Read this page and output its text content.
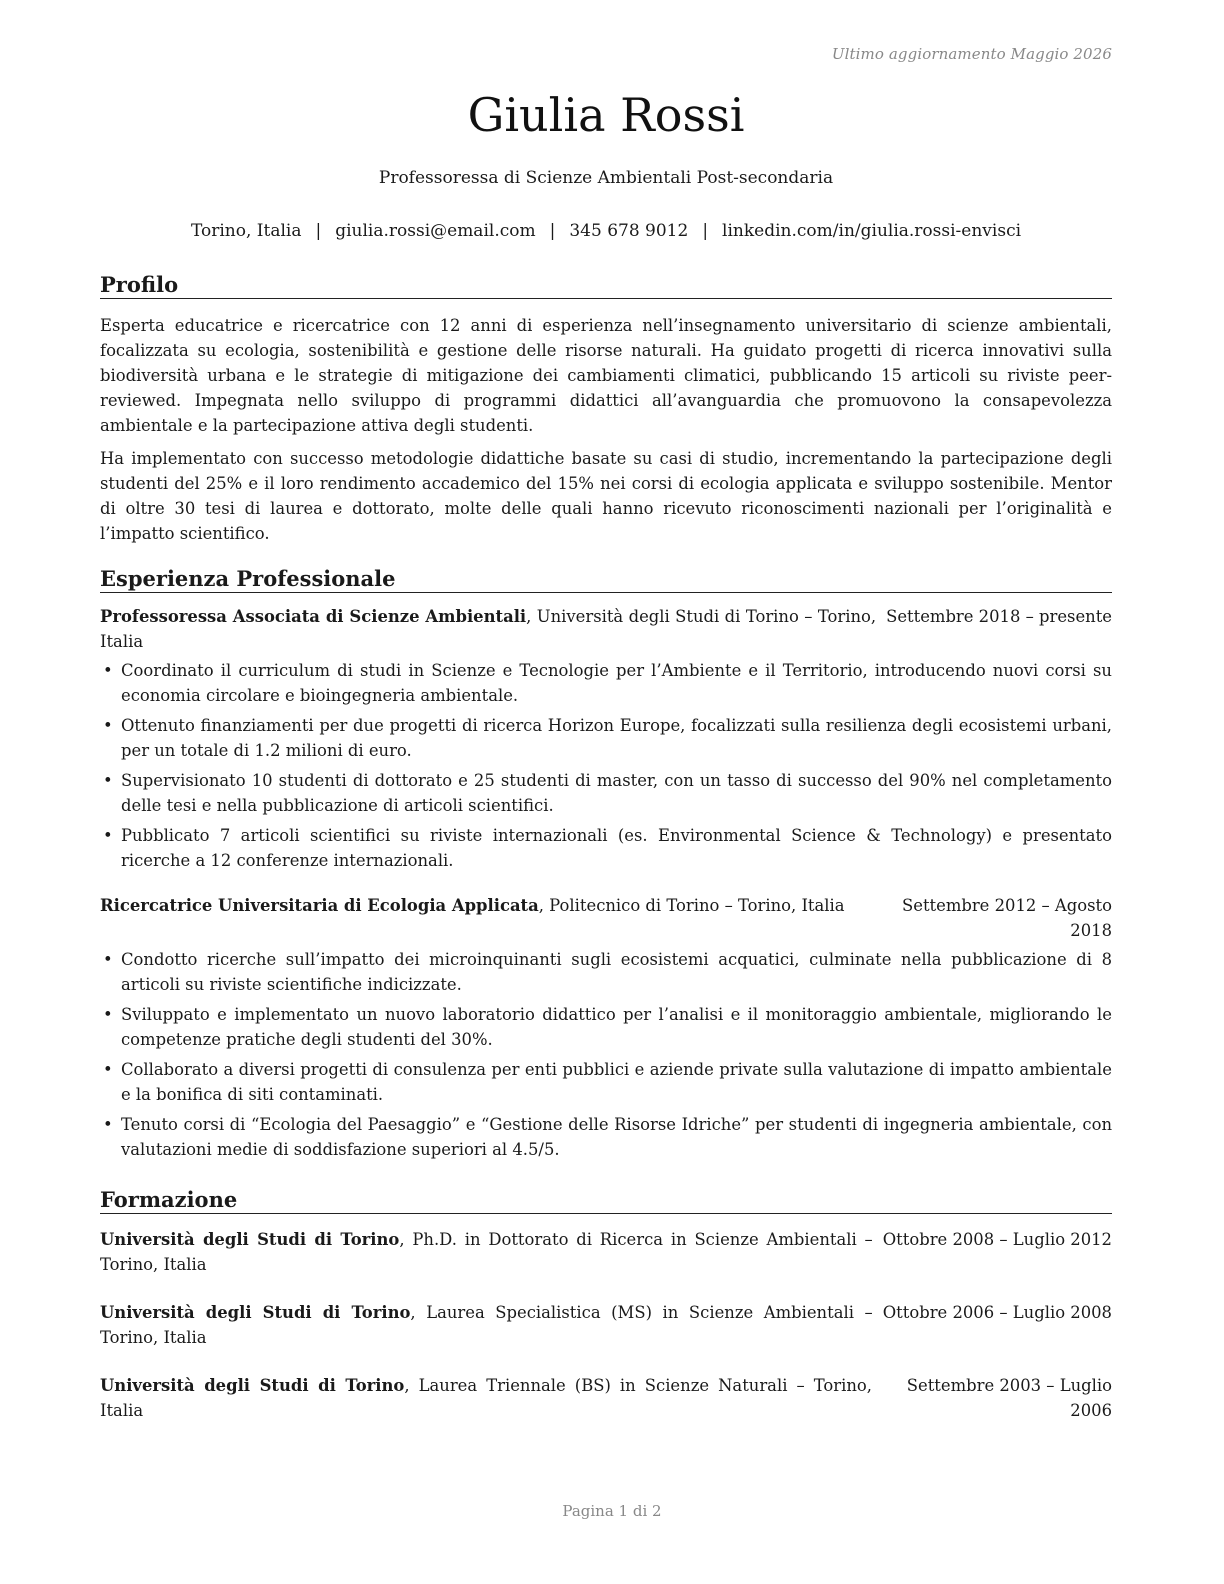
Ultimo aggiornamento Maggio 2026
Giulia Rossi
Professoressa di Scienze Ambientali Post-secondaria
Torino, Italia | giulia.rossi@email.com | 345 678 9012 | linkedin.com/in/giulia.rossi-envisci
Profilo

Esperta educatrice e ricercatrice con 12 anni di esperienza nell’insegnamento universitario di scienze ambientali, focalizzata su ecologia, sostenibilità e gestione delle risorse naturali. Ha guidato progetti di ricerca innovativi sulla biodiversità urbana e le strategie di mitigazione dei cambiamenti climatici, pubblicando 15 articoli su riviste peer-reviewed. Impegnata nello sviluppo di programmi didattici all’avanguardia che promuovono la consapevolezza ambientale e la partecipazione attiva degli studenti.

Ha implementato con successo metodologie didattiche basate su casi di studio, incrementando la partecipazione degli studenti del 25% e il loro rendimento accademico del 15% nei corsi di ecologia applicata e sviluppo sostenibile. Mentor di oltre 30 tesi di laurea e dottorato, molte delle quali hanno ricevuto riconoscimenti nazionali per l’originalità e l’impatto scientifico.

Esperienza Professionale
Professoressa Associata di Scienze Ambientali, Università degli Studi di Torino – Torino, Italia
Settembre 2018 – presente
• Coordinato il curriculum di studi in Scienze e Tecnologie per l’Ambiente e il Territorio, introducendo nuovi corsi su economia circolare e bioingegneria ambientale.
• Ottenuto finanziamenti per due progetti di ricerca Horizon Europe, focalizzati sulla resilienza degli ecosistemi urbani, per un totale di 1.2 milioni di euro.
• Supervisionato 10 studenti di dottorato e 25 studenti di master, con un tasso di successo del 90% nel completamento delle tesi e nella pubblicazione di articoli scientifici.
• Pubblicato 7 articoli scientifici su riviste internazionali (es. Environmental Science & Technology) e presentato ricerche a 12 conferenze internazionali.
Ricercatrice Universitaria di Ecologia Applicata, Politecnico di Torino – Torino, Italia	Settembre 2012 – Agosto 2018
• Condotto ricerche sull’impatto dei microinquinanti sugli ecosistemi acquatici, culminate nella pubblicazione di 8 articoli su riviste scientifiche indicizzate.
• Sviluppato e implementato un nuovo laboratorio didattico per l’analisi e il monitoraggio ambientale, migliorando le competenze pratiche degli studenti del 30%.
• Collaborato a diversi progetti di consulenza per enti pubblici e aziende private sulla valutazione di impatto ambientale e la bonifica di siti contaminati.
• Tenuto corsi di “Ecologia del Paesaggio” e “Gestione delle Risorse Idriche” per studenti di ingegneria ambientale, con valutazioni medie di soddisfazione superiori al 4.5/5.
Formazione
Università degli Studi di Torino, Ph.D. in Dottorato di Ricerca in Scienze Ambientali – Torino, Italia
Ottobre 2008 – Luglio 2012
Università degli Studi di Torino, Laurea Specialistica (MS) in Scienze Ambientali – Torino, Italia
Ottobre 2006 – Luglio 2008
Università degli Studi di Torino, Laurea Triennale (BS) in Scienze Naturali – Torino, Italia
Settembre 2003 – Luglio 2006
Pagina 1 di 2
